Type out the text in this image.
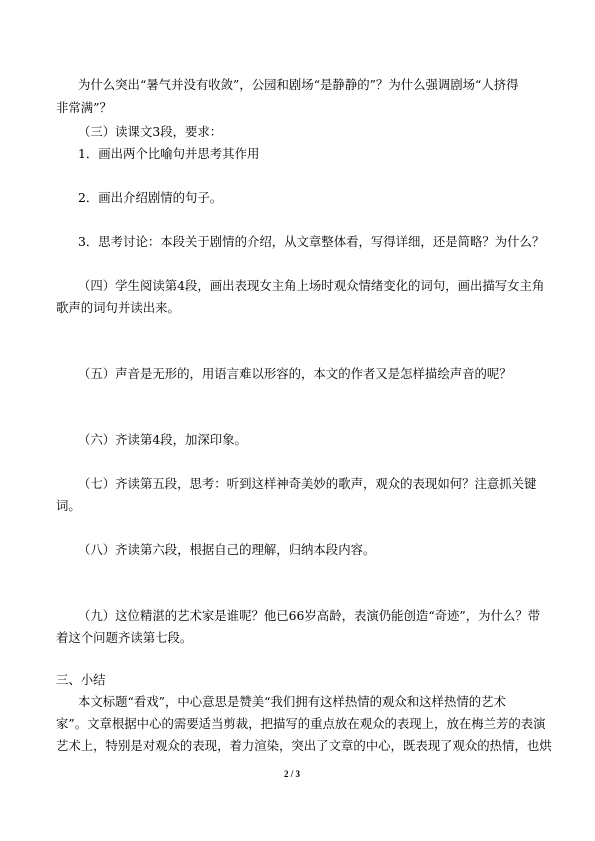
为什么突出“暑气并没有收敛”，公园和剧场“是静静的”？为什么强调剧场“人挤得

非常满”？

（三）读课文3段，要求：

1．画出两个比喻句并思考其作用

2．画出介绍剧情的句子。

3．思考讨论：本段关于剧情的介绍，从文章整体看，写得详细，还是简略？为什么？

（四）学生阅读第4段，画出表现女主角上场时观众情绪变化的词句，画出描写女主角

歌声的词句并读出来。

（五）声音是无形的，用语言难以形容的，本文的作者又是怎样描绘声音的呢？

（六）齐读第4段，加深印象。

（七）齐读第五段，思考：听到这样神奇美妙的歌声，观众的表现如何？注意抓关键

词。

（八）齐读第六段，根据自己的理解，归纳本段内容。

（九）这位精湛的艺术家是谁呢？他已66岁高龄，表演仍能创造“奇迹”，为什么？带

着这个问题齐读第七段。

三、小结

本文标题“看戏”，中心意思是赞美“我们拥有这样热情的观众和这样热情的艺术

家”。文章根据中心的需要适当剪裁，把描写的重点放在观众的表现上，放在梅兰芳的表演

艺术上，特别是对观众的表现，着力渲染，突出了文章的中心，既表现了观众的热情，也烘

2 / 3
